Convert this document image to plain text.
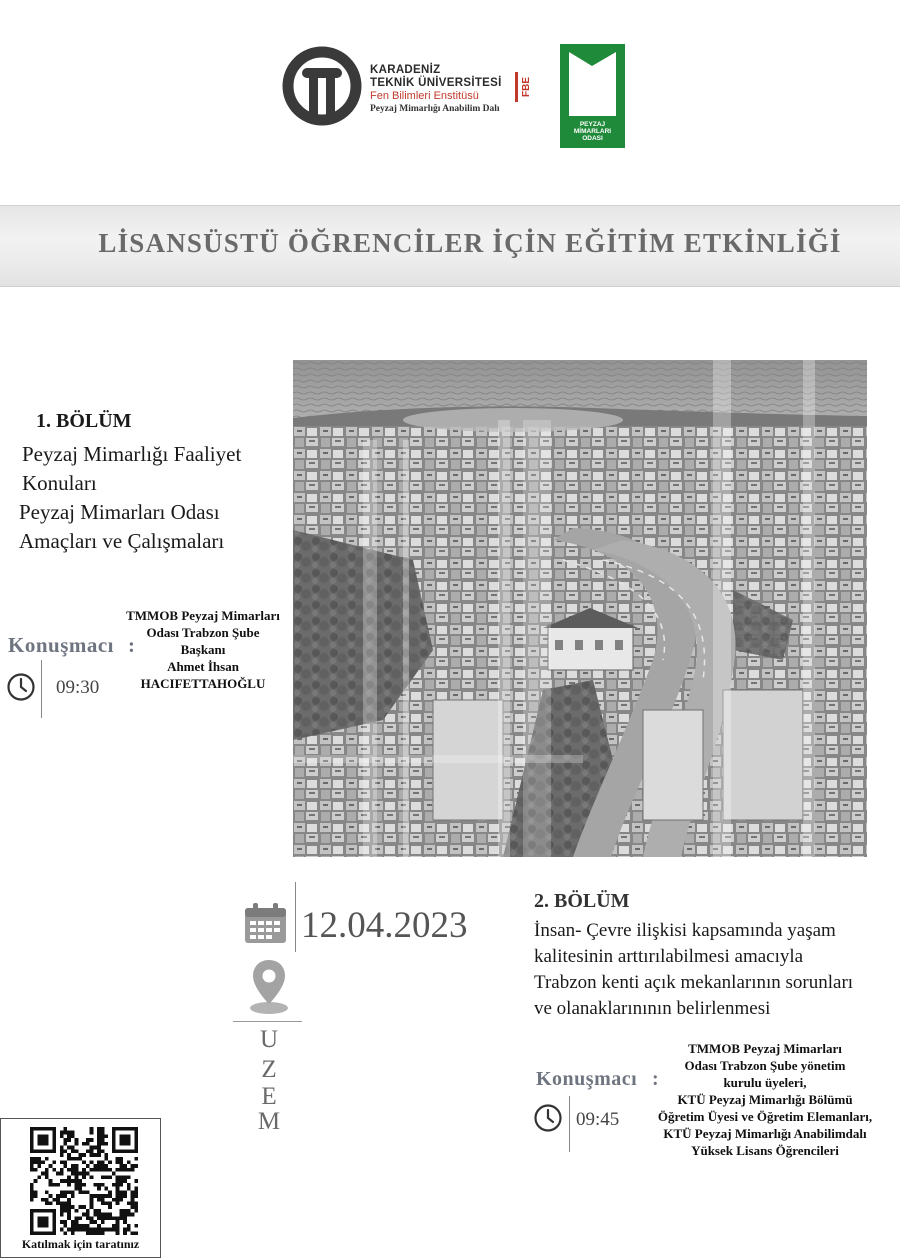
KARADENİZ
TEKNİK ÜNİVERSİTESİ
Fen Bilimleri Enstitüsü
Peyzaj Mimarlığı Anabilim Dalı
FBE
PEYZAJ
MİMARLARI
ODASI
LİSANSÜSTÜ ÖĞRENCİLER İÇİN EĞİTİM ETKİNLİĞİ
1. BÖLÜM
Peyzaj Mimarlığı Faaliyet
Konuları
Peyzaj Mimarları Odası
Amaçları ve Çalışmaları
Konuşmacı :
TMMOB Peyzaj Mimarları
Odası Trabzon Şube
Başkanı
Ahmet İhsan
HACIFETTAHOĞLU
09:30
12.04.2023
U
Z
E
M
2. BÖLÜM
İnsan- Çevre ilişkisi kapsamında yaşam
kalitesinin arttırılabilmesi amacıyla
Trabzon kenti açık mekanlarının sorunları
ve olanaklarınının belirlenmesi
Konuşmacı :
TMMOB Peyzaj Mimarları
Odası Trabzon Şube yönetim
kurulu üyeleri,
KTÜ Peyzaj Mimarlığı Bölümü
Öğretim Üyesi ve Öğretim Elemanları,
KTÜ Peyzaj Mimarlığı Anabilimdalı
Yüksek Lisans Öğrencileri
09:45
Katılmak için taratınız
